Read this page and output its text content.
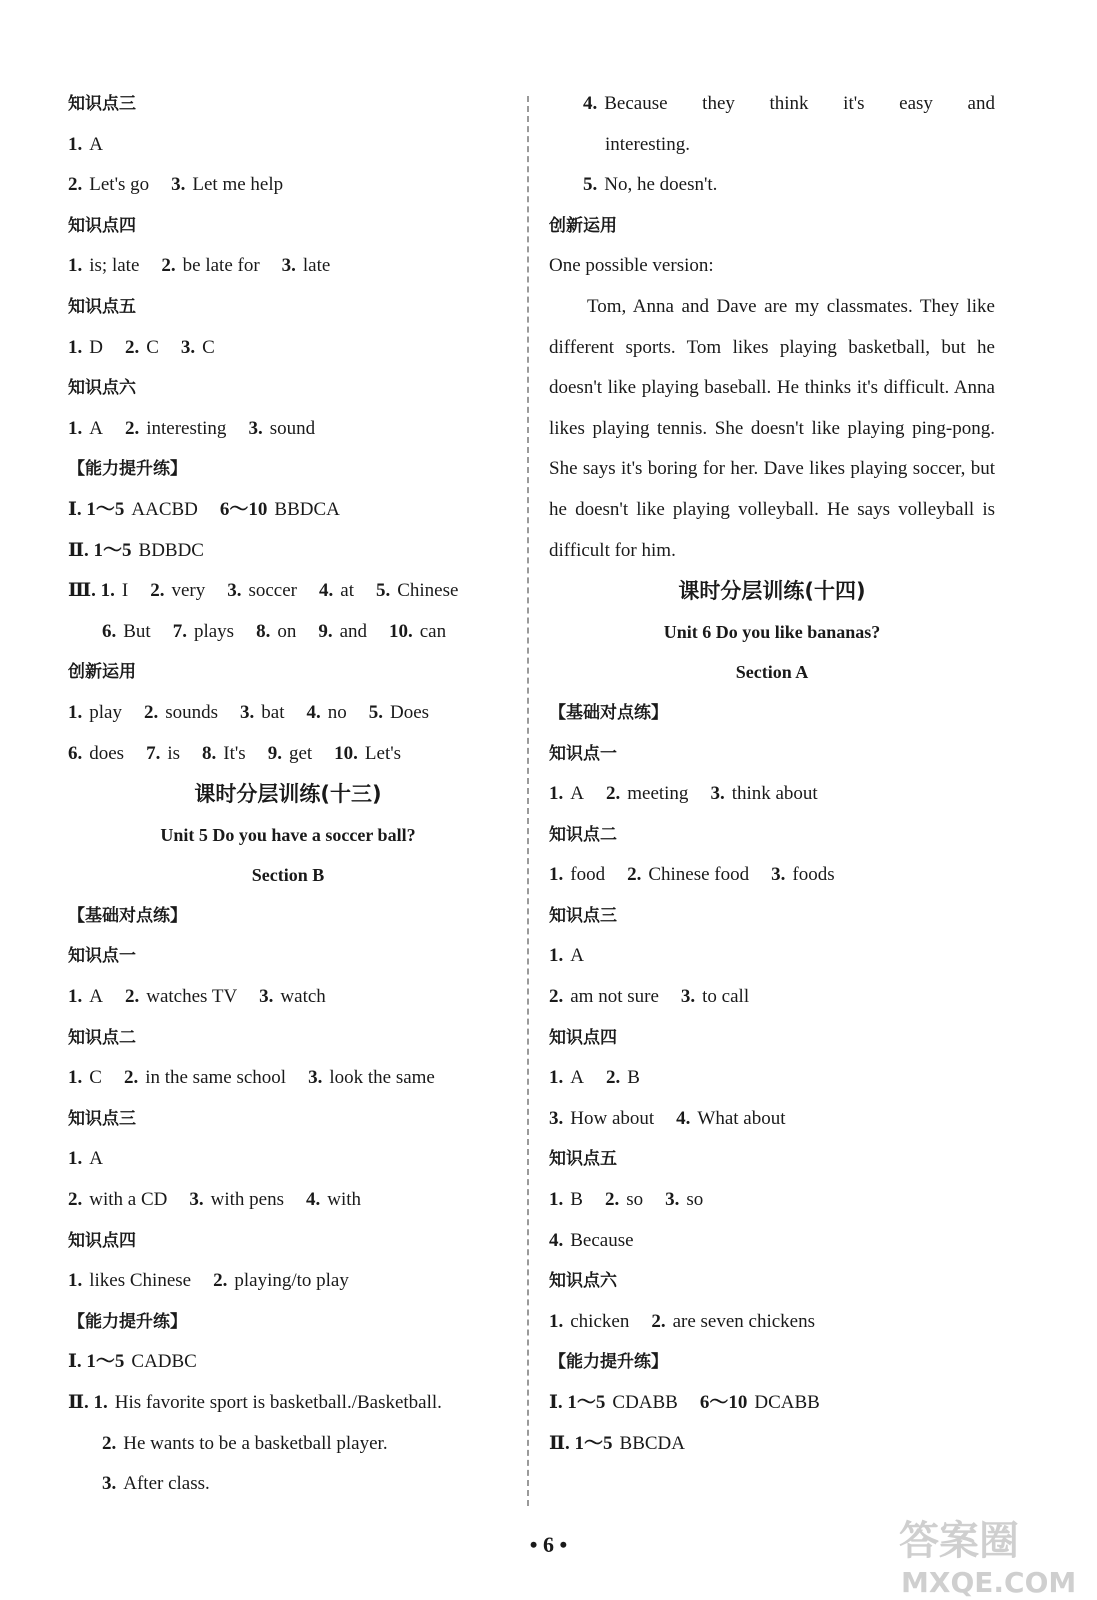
知识点三
1. A
2. Let's go 3. Let me help
知识点四
1. is; late 2. be late for 3. late
知识点五
1. D 2. C 3. C
知识点六
1. A 2. interesting 3. sound
【能力提升练】
Ⅰ. 1～5 AACBD 6～10 BBDCA
Ⅱ. 1～5 BDBDC
Ⅲ. 1. I 2. very 3. soccer 4. at 5. Chinese
6. But 7. plays 8. on 9. and 10. can
创新运用
1. play 2. sounds 3. bat 4. no 5. Does
6. does 7. is 8. It's 9. get 10. Let's
课时分层训练(十三)
Unit 5 Do you have a soccer ball?
Section B
【基础对点练】
知识点一
1. A 2. watches TV 3. watch
知识点二
1. C 2. in the same school 3. look the same
知识点三
1. A
2. with a CD 3. with pens 4. with
知识点四
1. likes Chinese 2. playing/to play
【能力提升练】
Ⅰ. 1～5 CADBC
Ⅱ. 1. His favorite sport is basketball./Basketball.
2. He wants to be a basketball player.
3. After class.
4. Because they think it's easy and
interesting.
5. No, he doesn't.
创新运用
One possible version:
Tom, Anna and Dave are my classmates. They like different sports. Tom likes playing basketball, but he doesn't like playing baseball. He thinks it's difficult. Anna likes playing tennis. She doesn't like playing ping-pong. She says it's boring for her. Dave likes playing soccer, but he doesn't like playing volleyball. He says volleyball is difficult for him.
课时分层训练(十四)
Unit 6 Do you like bananas?
Section A
【基础对点练】
知识点一
1. A 2. meeting 3. think about
知识点二
1. food 2. Chinese food 3. foods
知识点三
1. A
2. am not sure 3. to call
知识点四
1. A 2. B
3. How about 4. What about
知识点五
1. B 2. so 3. so
4. Because
知识点六
1. chicken 2. are seven chickens
【能力提升练】
Ⅰ. 1～5 CDABB 6～10 DCABB
Ⅱ. 1～5 BBCDA
• 6 •	答案圈
MXQE.COM
